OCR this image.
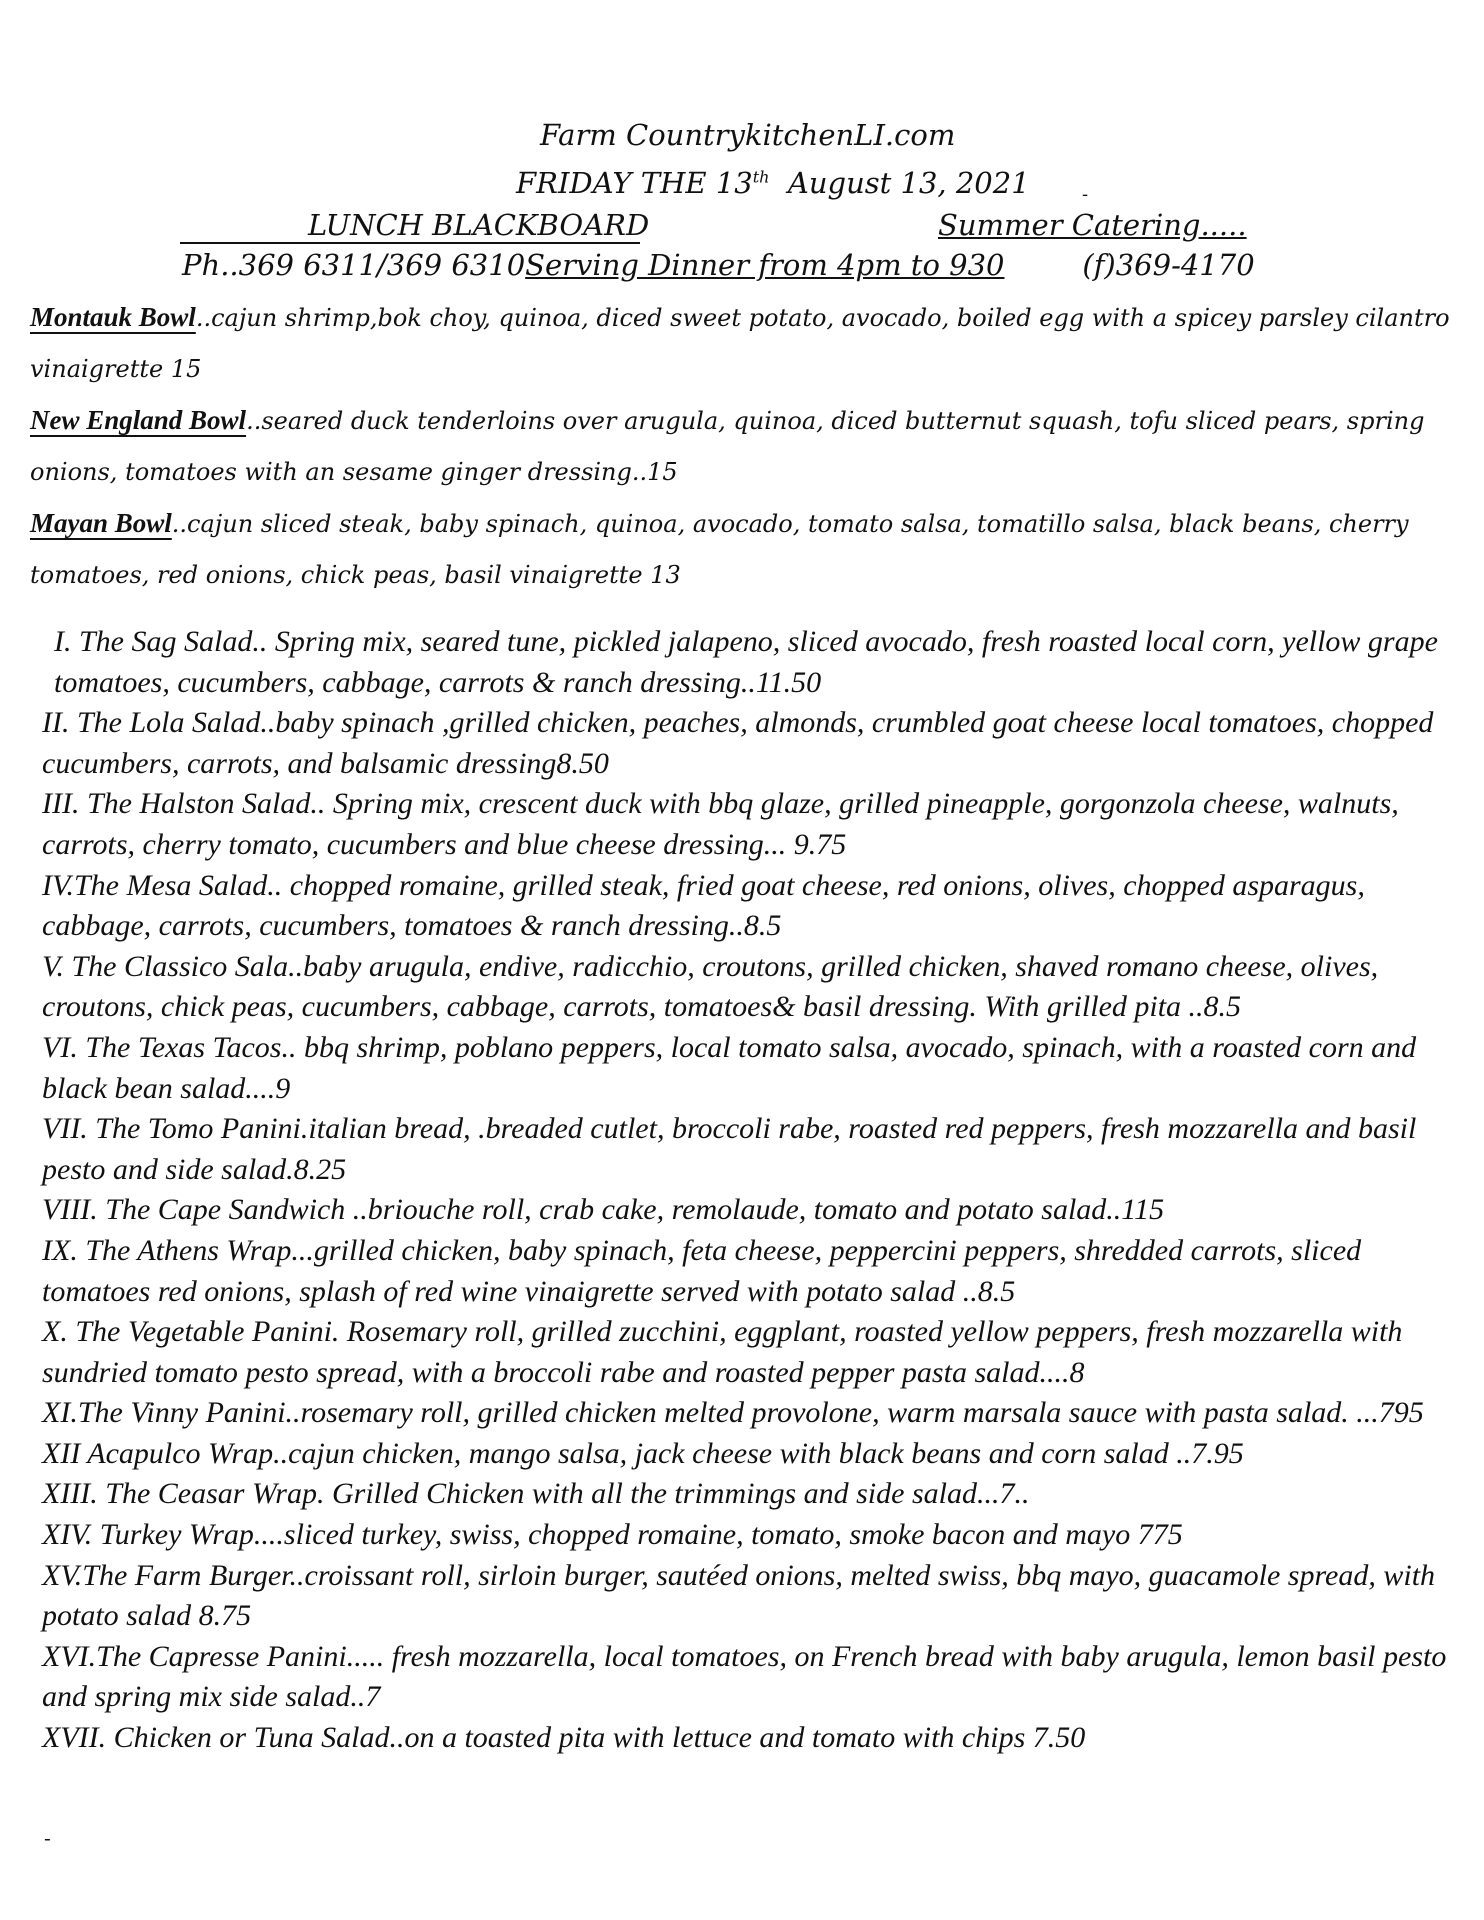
Farm CountrykitchenLI.com
FRIDAY THE 13th August 13, 2021	-
LUNCH BLACKBOARD	Summer Catering.....
Ph..369 6311/369 6310Serving Dinner from 4pm to 930	(f)369-4170
Montauk Bowl..cajun shrimp,bok choy, quinoa, diced sweet potato, avocado, boiled egg with a spicey parsley cilantro vinaigrette 15
New England Bowl..seared duck tenderloins over arugula, quinoa, diced butternut squash, tofu sliced pears, spring onions, tomatoes with an sesame ginger dressing..15
Mayan Bowl..cajun sliced steak, baby spinach, quinoa, avocado, tomato salsa, tomatillo salsa, black beans, cherry tomatoes, red onions, chick peas, basil vinaigrette 13
I. The Sag Salad.. Spring mix, seared tune, pickled jalapeno, sliced avocado, fresh roasted local corn, yellow grape tomatoes, cucumbers, cabbage, carrots & ranch dressing..11.50
II. The Lola Salad..baby spinach ,grilled chicken, peaches, almonds, crumbled goat cheese local tomatoes, chopped cucumbers, carrots, and balsamic dressing8.50
III. The Halston Salad.. Spring mix, crescent duck with bbq glaze, grilled pineapple, gorgonzola cheese, walnuts, carrots, cherry tomato, cucumbers and blue cheese dressing... 9.75
IV.The Mesa Salad.. chopped romaine, grilled steak, fried goat cheese, red onions, olives, chopped asparagus, cabbage, carrots, cucumbers, tomatoes & ranch dressing..8.5
V. The Classico Sala..baby arugula, endive, radicchio, croutons, grilled chicken, shaved romano cheese, olives, croutons, chick peas, cucumbers, cabbage, carrots, tomatoes& basil dressing. With grilled pita ..8.5
VI. The Texas Tacos.. bbq shrimp, poblano peppers, local tomato salsa, avocado, spinach, with a roasted corn and black bean salad....9
VII. The Tomo Panini.italian bread, .breaded cutlet, broccoli rabe, roasted red peppers, fresh mozzarella and basil pesto and side salad.8.25
VIII. The Cape Sandwich ..briouche roll, crab cake, remolaude, tomato and potato salad..115
IX. The Athens Wrap...grilled chicken, baby spinach, feta cheese, peppercini peppers, shredded carrots, sliced tomatoes red onions, splash of red wine vinaigrette served with potato salad ..8.5
X. The Vegetable Panini. Rosemary roll, grilled zucchini, eggplant, roasted yellow peppers, fresh mozzarella with sundried tomato pesto spread, with a broccoli rabe and roasted pepper pasta salad....8
XI.The Vinny Panini..rosemary roll, grilled chicken melted provolone, warm marsala sauce with pasta salad. ...795
XII Acapulco Wrap..cajun chicken, mango salsa, jack cheese with black beans and corn salad ..7.95
XIII. The Ceasar Wrap. Grilled Chicken with all the trimmings and side salad...7..
XIV. Turkey Wrap....sliced turkey, swiss, chopped romaine, tomato, smoke bacon and mayo 775
XV.The Farm Burger..croissant roll, sirloin burger, sautéed onions, melted swiss, bbq mayo, guacamole spread, with potato salad 8.75
XVI.The Capresse Panini..... fresh mozzarella, local tomatoes, on French bread with baby arugula, lemon basil pesto and spring mix side salad..7
XVII. Chicken or Tuna Salad..on a toasted pita with lettuce and tomato with chips 7.50
-
